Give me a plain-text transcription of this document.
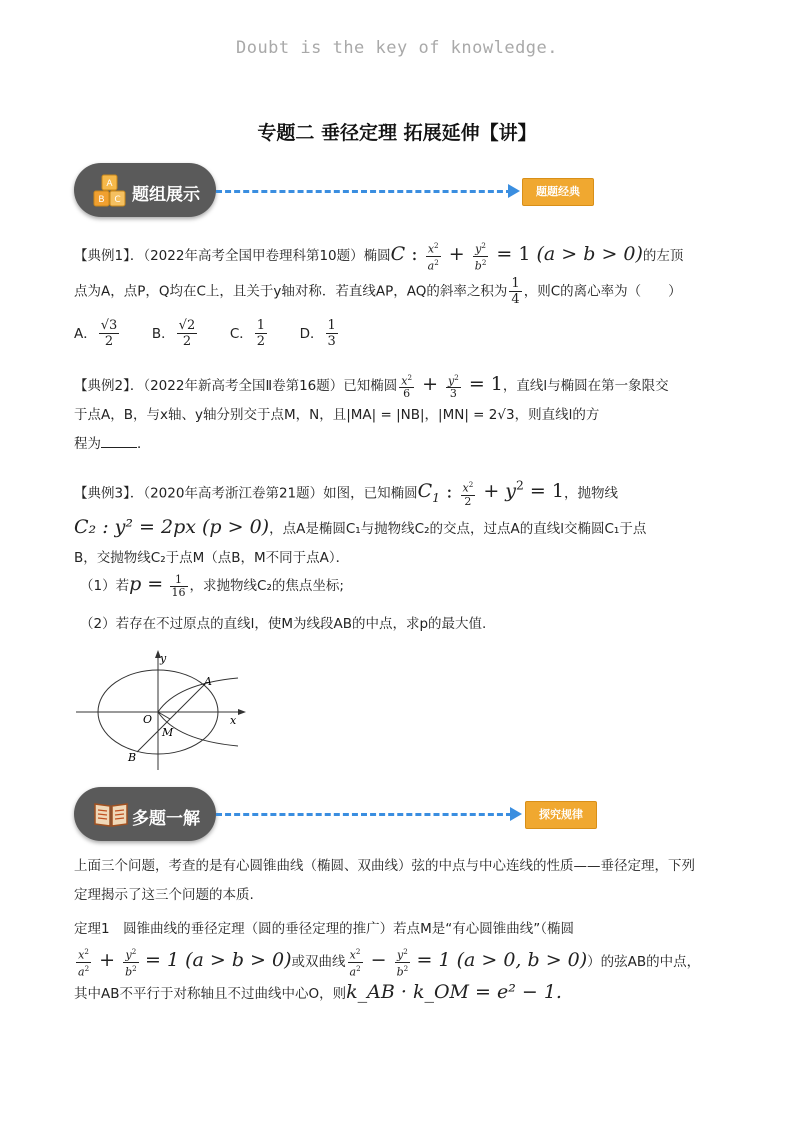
Doubt is the key of knowledge.
专题二 垂径定理 拓展延伸【讲】
A
B C 题组展示	题题经典
【典例1】．（2022年高考全国甲卷理科第10题）椭圆C : $\frac{x^2}{a^2} + \frac{y^2}{b^2} = 1$ (a > b > 0)的左顶
点为A，点P，Q均在C上，且关于y轴对称．若直线AP，AQ的斜率之积为 $\frac{1}{4}$ ，则C的离心率为（　　）
A． $\frac{√3}{2}$ B． $\frac{√2}{2}$ C． $\frac{1}{2}$ D． $\frac{1}{3}$
【典例2】．（2022年新高考全国Ⅱ卷第16题）已知椭圆 $\frac{x^2}{6} + \frac{y^2}{3} = 1$，直线l与椭圆在第一象限交
于点A，B，与x轴、y轴分别交于点M，N，且|MA| = |NB|，|MN| = 2√3，则直线l的方
程为	．
【典例3】．（2020年高考浙江卷第21题）如图，已知椭圆$C_1$ : $\frac{x^2}{2} + y^2 = 1$，抛物线
C₂ : y² = 2px (p > 0)，点A是椭圆C₁与抛物线C₂的交点，过点A的直线l交椭圆C₁于点
B，交抛物线C₂于点M（点B，M不同于点A）．
（1）若$p = \frac{1}{16}$ ，求抛物线C₂的焦点坐标;
（2）若存在不过原点的直线l，使M为线段AB的中点，求p的最大值.
y
x
A
O
M
B
多题一解	探究规律
上面三个问题，考查的是有心圆锥曲线（椭圆、双曲线）弦的中点与中心连线的性质——垂径定理，下列
定理揭示了这三个问题的本质.
定理1　圆锥曲线的垂径定理（圆的垂径定理的推广）若点M是“有心圆锥曲线”（椭圆
$\frac{x^2}{a^2} + \frac{y^2}{b^2} = 1$ (a > b > 0)或双曲线 $\frac{x^2}{a^2} - \frac{y^2}{b^2} = 1$ (a > 0, b > 0)）的弦AB的中点，
其中AB不平行于对称轴且不过曲线中心O，则k_AB · k_OM = e² − 1.
